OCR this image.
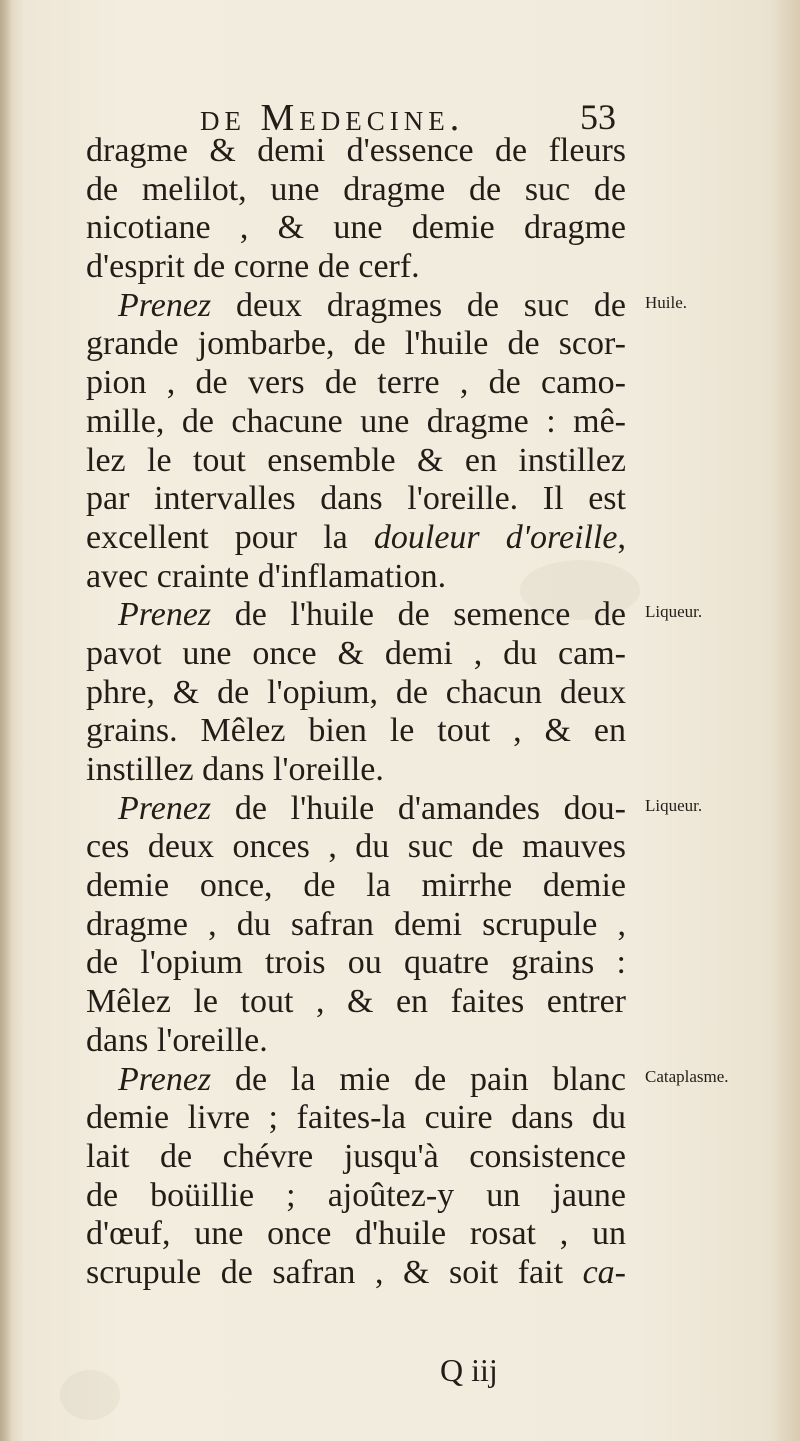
de Medecine.	53
dragme & demi d'essence de fleurs
de melilot, une dragme de suc de
nicotiane , & une demie dragme
d'esprit de corne de cerf.
Prenez deux dragmes de suc de
grande jombarbe, de l'huile de scor-
pion , de vers de terre , de camo-
mille, de chacune une dragme : mê-
lez le tout ensemble & en instillez
par intervalles dans l'oreille. Il est
excellent pour la douleur d'oreille,
avec crainte d'inflamation.
Prenez de l'huile de semence de
pavot une once & demi , du cam-
phre, & de l'opium, de chacun deux
grains. Mêlez bien le tout , & en
instillez dans l'oreille.
Prenez de l'huile d'amandes dou-
ces deux onces , du suc de mauves
demie once, de la mirrhe demie
dragme , du safran demi scrupule ,
de l'opium trois ou quatre grains :
Mêlez le tout , & en faites entrer
dans l'oreille.
Prenez de la mie de pain blanc
demie livre ; faites-la cuire dans du
lait de chévre jusqu'à consistence
de boüillie ; ajoûtez-y un jaune
d'œuf, une once d'huile rosat , un
scrupule de safran , & soit fait ca-
Huile.
Liqueur.
Liqueur.
Cataplasme.
Q iij
